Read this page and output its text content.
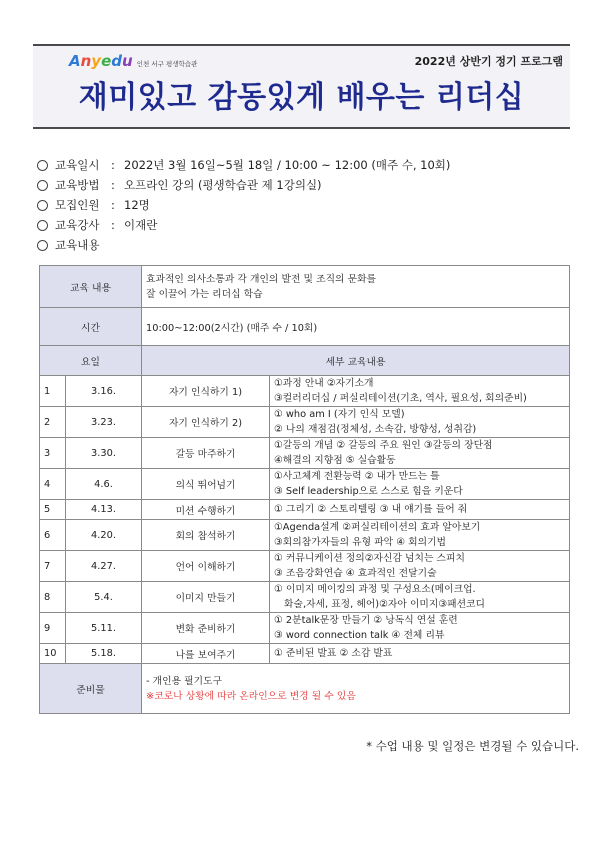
Anyedu 인천 서구 평생학습관	2022년 상반기 정기 프로그램
재미있고 감동있게 배우는 리더십
교육일시	: 2022년 3월 16일~5월 18일 / 10:00 ~ 12:00 (매주 수, 10회)
교육방법	: 오프라인 강의 (평생학습관 제 1강의실)
모집인원	: 12명
교육강사	: 이재란
교육내용
교육 내용		효과적인 의사소통과 각 개인의 발전 및 조직의 문화를
잘 이끌어 가는 리더십 학습	

시간		10:00~12:00(2시간) (매주 수 / 10회)	
요일		세부 교육내용	
1	3.16.	자기 인식하기 1)	①과정 안내 ②자기소개
③컬러리더십 / 퍼실리테이션(기초, 역사, 필요성, 회의준비)

2	3.23.	자기 인식하기 2)	① who am I (자기 인식 모델)
② 나의 재점검(정체성, 소속감, 방향성, 성취감)

3	3.30.	갈등 마주하기	①갈등의 개념 ② 갈등의 주요 원인 ③갈등의 장단점
④해결의 지향점 ⑤ 실습활동

4	4.6.	의식 뛰어넘기	①사고체계 전환능력 ② 내가 만드는 틀
③ Self leadership으로 스스로 힘을 키운다

5	4.13.	미션 수행하기	① 그리기 ② 스토리텔링 ③ 내 얘기를 들어 줘

6	4.20.	회의 참석하기	①Agenda설계 ②퍼실리테이션의 효과 알아보기
③회의참가자들의 유형 파악 ④ 회의기법

7	4.27.	언어 이해하기	① 커뮤니케이션 정의②자신감 넘치는 스피치
③ 조음강화연습 ④ 효과적인 전달기술

8	5.4.	이미지 만들기	① 이미지 메이킹의 과정 및 구성요소(메이크업.
화술,자세, 표정, 헤어)②자아 이미지③패션코디

9	5.11.	변화 준비하기	① 2분talk문장 만들기 ② 낭독식 연설 훈련
③ word connection talk ④ 전체 리뷰

10	5.18.	나를 보여주기	① 준비된 발표 ② 소감 발표

준비물		- 개인용 필기도구
※코로나 상황에 따라 온라인으로 변경 될 수 있음	
* 수업 내용 및 일정은 변경될 수 있습니다.
